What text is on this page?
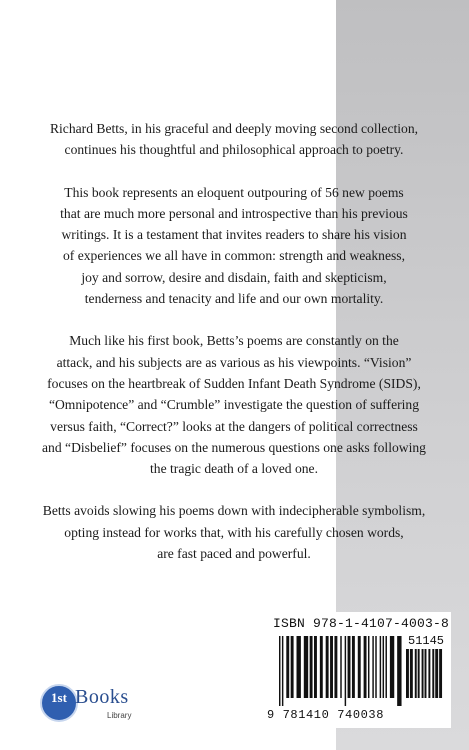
Richard Betts, in his graceful and deeply moving second collection,
continues his thoughtful and philosophical approach to poetry.

This book represents an eloquent outpouring of 56 new poems
that are much more personal and introspective than his previous
writings. It is a testament that invites readers to share his vision
of experiences we all have in common: strength and weakness,
joy and sorrow, desire and disdain, faith and skepticism,
tenderness and tenacity and life and our own mortality.

Much like his first book, Betts’s poems are constantly on the
attack, and his subjects are as various as his viewpoints. “Vision”
focuses on the heartbreak of Sudden Infant Death Syndrome (SIDS),
“Omnipotence” and “Crumble” investigate the question of suffering
versus faith, “Correct?” looks at the dangers of political correctness
and “Disbelief” focuses on the numerous questions one asks following
the tragic death of a loved one.

Betts avoids slowing his poems down with indecipherable symbolism,
opting instead for works that, with his carefully chosen words,
are fast paced and powerful.

1st Books
Library
ISBN 978-1-4107-4003-8
51145
9 781410 740038
